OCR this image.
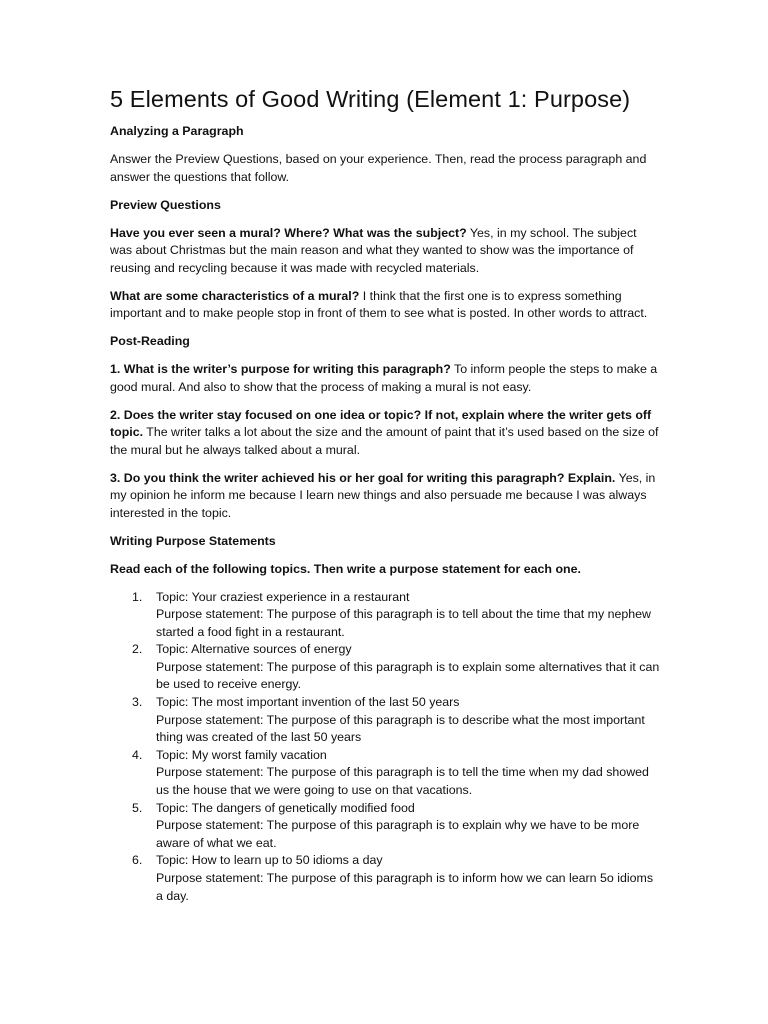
5 Elements of Good Writing (Element 1: Purpose)
Analyzing a Paragraph
Answer the Preview Questions, based on your experience. Then, read the process paragraph and answer the questions that follow.
Preview Questions
Have you ever seen a mural? Where? What was the subject? Yes, in my school. The subject was about Christmas but the main reason and what they wanted to show was the importance of reusing and recycling because it was made with recycled materials.
What are some characteristics of a mural? I think that the first one is to express something important and to make people stop in front of them to see what is posted. In other words to attract.
Post-Reading
1. What is the writer’s purpose for writing this paragraph? To inform people the steps to make a good mural. And also to show that the process of making a mural is not easy.
2. Does the writer stay focused on one idea or topic? If not, explain where the writer gets off topic. The writer talks a lot about the size and the amount of paint that it’s used based on the size of the mural but he always talked about a mural.
3. Do you think the writer achieved his or her goal for writing this paragraph? Explain. Yes, in my opinion he inform me because I learn new things and also persuade me because I was always interested in the topic.
Writing Purpose Statements
Read each of the following topics. Then write a purpose statement for each one.
1. Topic: Your craziest experience in a restaurant
Purpose statement: The purpose of this paragraph is to tell about the time that my nephew started a food fight in a restaurant.
2. Topic: Alternative sources of energy
Purpose statement: The purpose of this paragraph is to explain some alternatives that it can be used to receive energy.
3. Topic: The most important invention of the last 50 years
Purpose statement: The purpose of this paragraph is to describe what the most important thing was created of the last 50 years
4. Topic: My worst family vacation
Purpose statement: The purpose of this paragraph is to tell the time when my dad showed us the house that we were going to use on that vacations.
5. Topic: The dangers of genetically modified food
Purpose statement: The purpose of this paragraph is to explain why we have to be more aware of what we eat.
6. Topic: How to learn up to 50 idioms a day
Purpose statement: The purpose of this paragraph is to inform how we can learn 5o idioms a day.
